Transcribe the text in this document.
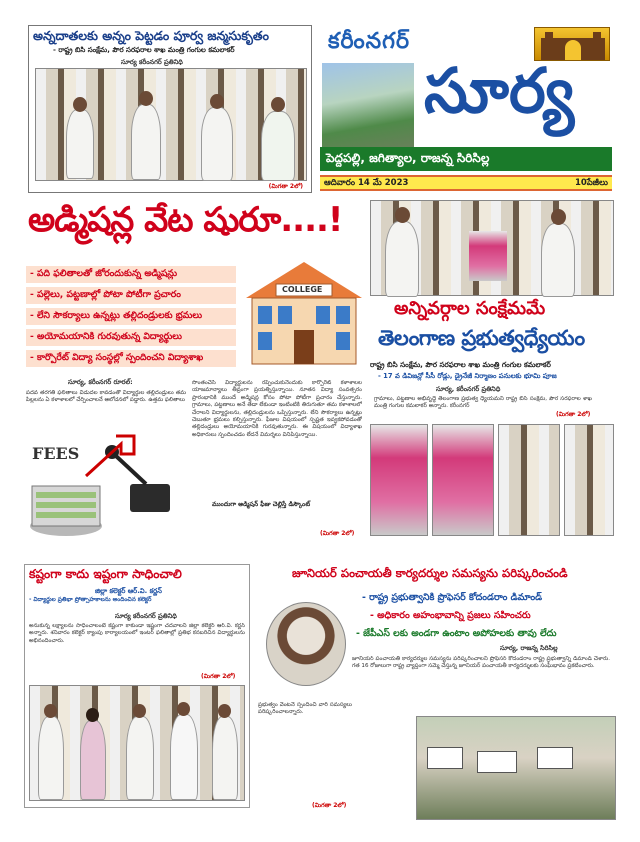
అన్నదాతలకు అన్నం పెట్టడం పూర్వ జన్మసుకృతం
- రాష్ట్ర బిసి సంక్షేమ, పౌర సరఫరాల శాఖ మంత్రి గంగుల కమలాకర్
సూర్య కరీంనగర్ ప్రతినిధి
(మిగతా 2లో)
కరీంనగర్
సూర్య
పెద్దపల్లి, జగిత్యాల, రాజన్న సిరిసిల్ల
ఆదివారం 14 మే 2023	10పేజీలు
అడ్మిషన్ల వేట షురూ....!
- పది ఫలితాలతో జోరందుకున్న అడ్మిషన్లు
- పల్లెలు, పట్టణాల్లో పోటా పోటీగా ప్రచారం
- లేని సౌకర్యాలు ఉన్నట్లు తల్లిదండ్రులకు భ్రమలు
- అయోమయానికి గురవుతున్న విద్యార్థులు
- కార్పొరేట్ విద్యా సంస్థల్లో స్పందించని విద్యాశాఖ
COLLEGE
సూర్య, కరీంనగర్ రూరల్:
పదవ తరగతి ఫలితాలు విడుదల కావడంతో విద్యార్థుల తల్లిదండ్రులు తమ పిల్లలను ఏ కళాశాలలో చేర్పించాలనే ఆలోచనలో పడ్డారు. ఉత్తమ ఫలితాలు
FEES
సొంతంచేసి విద్యార్థులను రప్పించుకునేందుకు కార్పొరేట్ కళాశాలల యాజమాన్యాలు తీవ్రంగా ప్రయత్నిస్తున్నాయి. నూతన విద్యా సంవత్సరం ప్రారంభానికి ముందే అడ్మిషన్ల కోసం పోటా పోటీగా ప్రచారం చేస్తున్నారు. గ్రామాలు, పట్టణాలు అనే తేడా లేకుండా ఇంటింటికి తిరుగుతూ తమ కళాశాలలో చేరాలని విద్యార్థులను, తల్లిదండ్రులను ఒప్పిస్తున్నారు. లేని సౌకర్యాలు ఉన్నట్లు చెబుతూ భ్రమలు కల్పిస్తున్నారు. ఫీజుల విషయంలో స్పష్టత ఇవ్వకపోవడంతో తల్లిదండ్రులు అయోమయానికి గురవుతున్నారు. ఈ విషయంలో విద్యాశాఖ అధికారులు స్పందించడం లేదనే విమర్శలు వినిపిస్తున్నాయి.
ముందుగా అడ్మిషన్ ఫీజు చెల్లిస్తే డిస్కౌంట్
(మిగతా 2లో)
అన్నివర్గాల సంక్షేమమే
తెలంగాణ ప్రభుత్వధ్యేయం
రాష్ట్ర బిసి సంక్షేమ, పౌర సరఫరాల శాఖ మంత్రి గంగుల కమలాకర్
- 17 వ డివిజన్లో సీసీ రోడ్లు, డ్రైనేజీ నిర్మాణం పనులకు భూమి పూజ
సూర్య, కరీంనగర్ ప్రతినిధి
గ్రామాలు, పట్టణాల అభివృద్ధే తెలంగాణ ప్రభుత్వ ధ్యేయమని రాష్ట్ర బీసీ సంక్షేమ, పౌర సరఫరాల శాఖ మంత్రి గంగుల కమలాకర్ అన్నారు. కరీంనగర్
(మిగతా 2లో)
కష్టంగా కాదు ఇష్టంగా సాధించాలి
జిల్లా కలెక్టర్ ఆర్.వి. కర్ణన్
- విద్యార్థుల ప్రతిభా ప్రోత్సాహకాలను అందించిన కలెక్టర్
సూర్య కరీంనగర్ ప్రతినిధి
అనుకున్న లక్ష్యాలను సాధించాలంటే కష్టంగా కాకుండా ఇష్టంగా చదవాలని జిల్లా కలెక్టర్ ఆర్.వి. కర్ణన్ అన్నారు. శనివారం కలెక్టర్ క్యాంపు కార్యాలయంలో ఇంటర్ ఫలితాల్లో ప్రతిభ కనబరిచిన విద్యార్థులను అభినందించారు.
(మిగతా 2లో)
జూనియర్ పంచాయతీ కార్యదర్శుల సమస్యను పరిష్కరించండి
- రాష్ట్ర ప్రభుత్వానికి ప్రొఫెసర్ కోదండరాం డిమాండ్
- అధికారం అహంభావాన్ని ప్రజలు సహించరు
- జేపీఎస్ లకు అండగా ఉంటాం అపోహలకు తావు లేదు
సూర్య, రాజన్న సిరిసిల్ల
జూనియర్ పంచాయతీ కార్యదర్శుల సమస్యను పరిష్కరించాలని ప్రొఫెసర్ కోదండరాం రాష్ట్ర ప్రభుత్వాన్ని డిమాండ్ చేశారు. గత 16 రోజులుగా రాష్ట్ర వ్యాప్తంగా సమ్మె చేస్తున్న జూనియర్ పంచాయతీ కార్యదర్శులకు సంఘీభావం ప్రకటించారు.
ప్రభుత్వం వెంటనే స్పందించి వారి సమస్యలు పరిష్కరించాలన్నారు.
(మిగతా 2లో)
